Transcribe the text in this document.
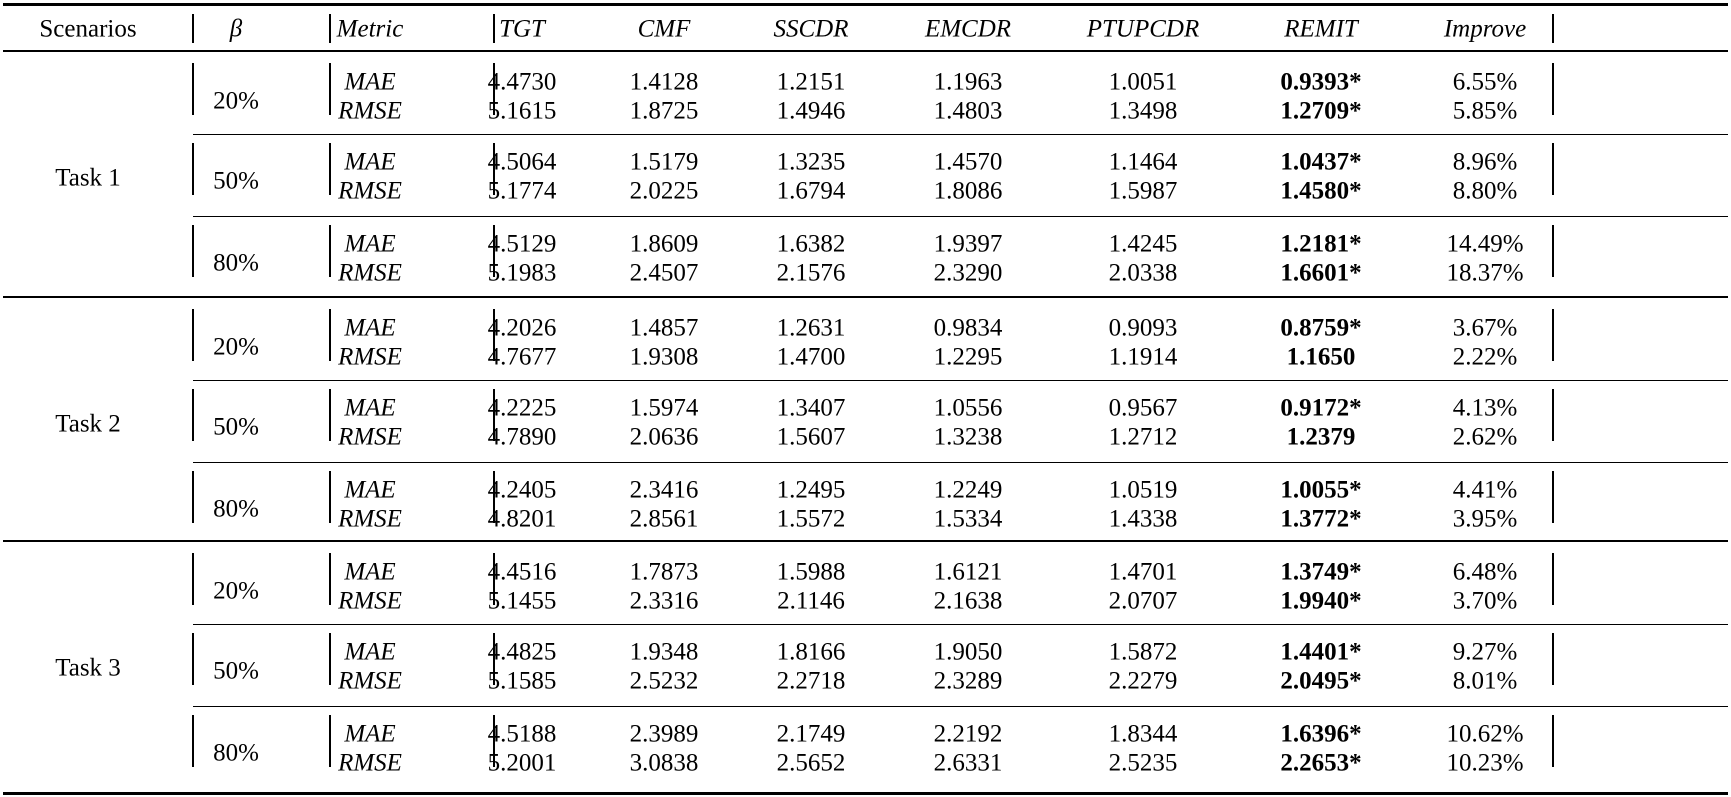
Scenarios	β	Metric	TGT	CMF	SSCDR	EMCDR	PTUPCDR	REMIT	Improve
Task 1
20%
MAE	4.4730	1.4128	1.2151	1.1963	1.0051	0.9393*	6.55%
RMSE	5.1615	1.8725	1.4946	1.4803	1.3498	1.2709*	5.85%
50%
MAE	4.5064	1.5179	1.3235	1.4570	1.1464	1.0437*	8.96%
RMSE	5.1774	2.0225	1.6794	1.8086	1.5987	1.4580*	8.80%
80%
MAE	4.5129	1.8609	1.6382	1.9397	1.4245	1.2181*	14.49%
RMSE	5.1983	2.4507	2.1576	2.3290	2.0338	1.6601*	18.37%
Task 2
20%
MAE	4.2026	1.4857	1.2631	0.9834	0.9093	0.8759*	3.67%
RMSE	4.7677	1.9308	1.4700	1.2295	1.1914	1.1650	2.22%
50%
MAE	4.2225	1.5974	1.3407	1.0556	0.9567	0.9172*	4.13%
RMSE	4.7890	2.0636	1.5607	1.3238	1.2712	1.2379	2.62%
80%
MAE	4.2405	2.3416	1.2495	1.2249	1.0519	1.0055*	4.41%
RMSE	4.8201	2.8561	1.5572	1.5334	1.4338	1.3772*	3.95%
Task 3
20%
MAE	4.4516	1.7873	1.5988	1.6121	1.4701	1.3749*	6.48%
RMSE	5.1455	2.3316	2.1146	2.1638	2.0707	1.9940*	3.70%
50%
MAE	4.4825	1.9348	1.8166	1.9050	1.5872	1.4401*	9.27%
RMSE	5.1585	2.5232	2.2718	2.3289	2.2279	2.0495*	8.01%
80%
MAE	4.5188	2.3989	2.1749	2.2192	1.8344	1.6396*	10.62%
RMSE	5.2001	3.0838	2.5652	2.6331	2.5235	2.2653*	10.23%
